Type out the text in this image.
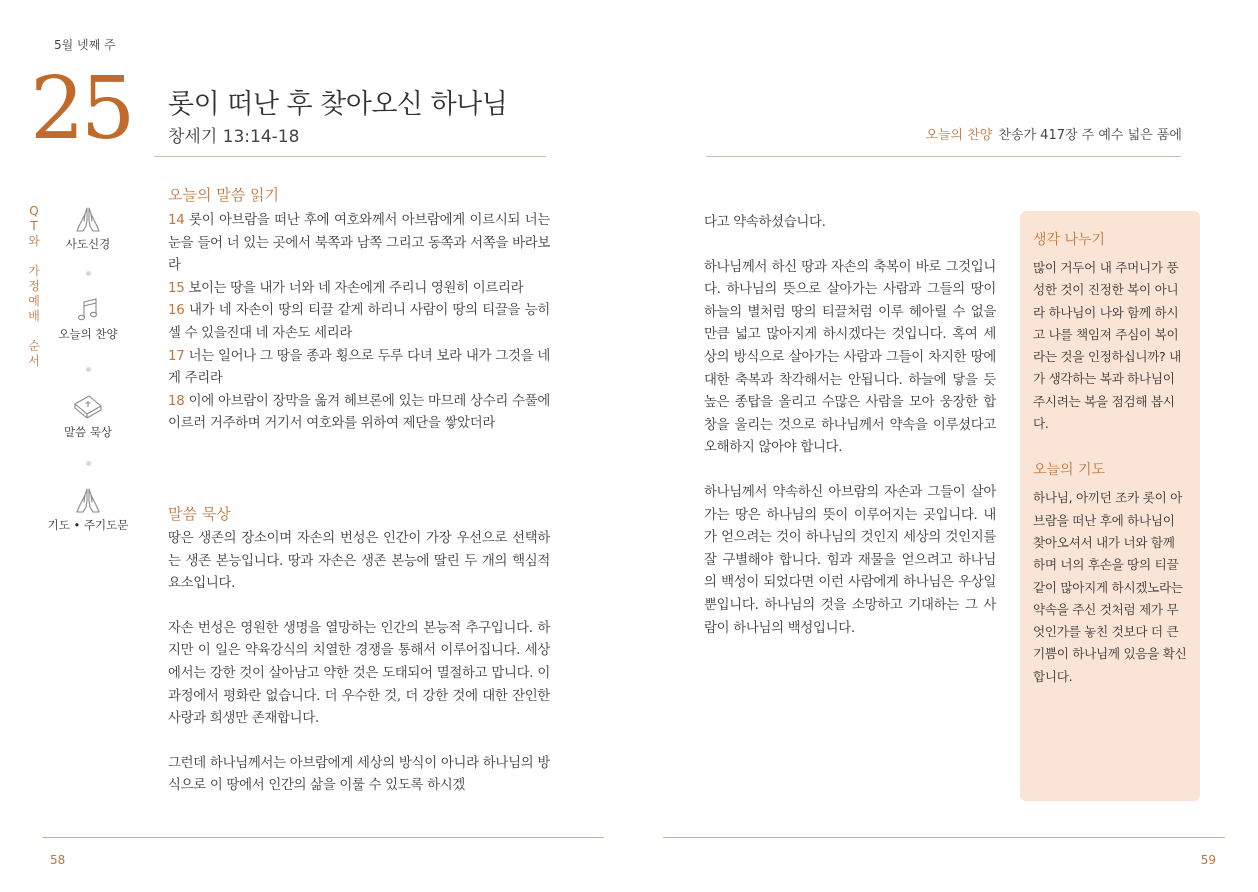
5월 넷째 주
25 롯이 떠난 후 찾아오신 하나님
창세기 13:14-18	오늘의 찬양 찬송가 417장 주 예수 넓은 품에
Q
T
와
가
정
예
배
순
서
사도신경
오늘의 찬양
말씀 묵상
기도 • 주기도문
오늘의 말씀 읽기

14 롯이 아브람을 떠난 후에 여호와께서 아브람에게 이르시되 너는 눈을 들어 너 있는 곳에서 북쪽과 남쪽 그리고 동쪽과 서쪽을 바라보라

15 보이는 땅을 내가 너와 네 자손에게 주리니 영원히 이르리라

16 내가 네 자손이 땅의 티끌 같게 하리니 사람이 땅의 티끌을 능히 셀 수 있을진대 네 자손도 세리라

17 너는 일어나 그 땅을 종과 횡으로 두루 다녀 보라 내가 그것을 네게 주리라

18 이에 아브람이 장막을 옮겨 헤브론에 있는 마므레 상수리 수풀에 이르러 거주하며 거기서 여호와를 위하여 제단을 쌓았더라

말씀 묵상

땅은 생존의 장소이며 자손의 번성은 인간이 가장 우선으로 선택하는 생존 본능입니다. 땅과 자손은 생존 본능에 딸린 두 개의 핵심적 요소입니다.

자손 번성은 영원한 생명을 열망하는 인간의 본능적 추구입니다. 하지만 이 일은 약육강식의 치열한 경쟁을 통해서 이루어집니다. 세상에서는 강한 것이 살아남고 약한 것은 도태되어 멸절하고 맙니다. 이 과정에서 평화란 없습니다. 더 우수한 것, 더 강한 것에 대한 잔인한 사랑과 희생만 존재합니다.

그런데 하나님께서는 아브람에게 세상의 방식이 아니라 하나님의 방식으로 이 땅에서 인간의 삶을 이룰 수 있도록 하시겠

다고 약속하셨습니다.

하나님께서 하신 땅과 자손의 축복이 바로 그것입니다. 하나님의 뜻으로 살아가는 사람과 그들의 땅이 하늘의 별처럼 땅의 티끌처럼 이루 헤아릴 수 없을만큼 넓고 많아지게 하시겠다는 것입니다. 혹여 세상의 방식으로 살아가는 사람과 그들이 차지한 땅에 대한 축복과 착각해서는 안됩니다. 하늘에 닿을 듯 높은 종탑을 올리고 수많은 사람을 모아 웅장한 합창을 울리는 것으로 하나님께서 약속을 이루셨다고 오해하지 않아야 합니다.

하나님께서 약속하신 아브람의 자손과 그들이 살아가는 땅은 하나님의 뜻이 이루어지는 곳입니다. 내가 얻으려는 것이 하나님의 것인지 세상의 것인지를 잘 구별해야 합니다. 힘과 재물을 얻으려고 하나님의 백성이 되었다면 이런 사람에게 하나님은 우상일 뿐입니다. 하나님의 것을 소망하고 기대하는 그 사람이 하나님의 백성입니다.

생각 나누기

많이 거두어 내 주머니가 풍성한 것이 진정한 복이 아니라 하나님이 나와 함께 하시고 나를 책임져 주심이 복이라는 것을 인정하십니까? 내가 생각하는 복과 하나님이 주시려는 복을 점검해 봅시다.

오늘의 기도

하나님, 아끼던 조카 롯이 아브람을 떠난 후에 하나님이 찾아오셔서 내가 너와 함께 하며 너의 후손을 땅의 티끌 같이 많아지게 하시겠노라는 약속을 주신 것처럼 제가 무엇인가를 놓친 것보다 더 큰 기쁨이 하나님께 있음을 확신합니다.

58	59
